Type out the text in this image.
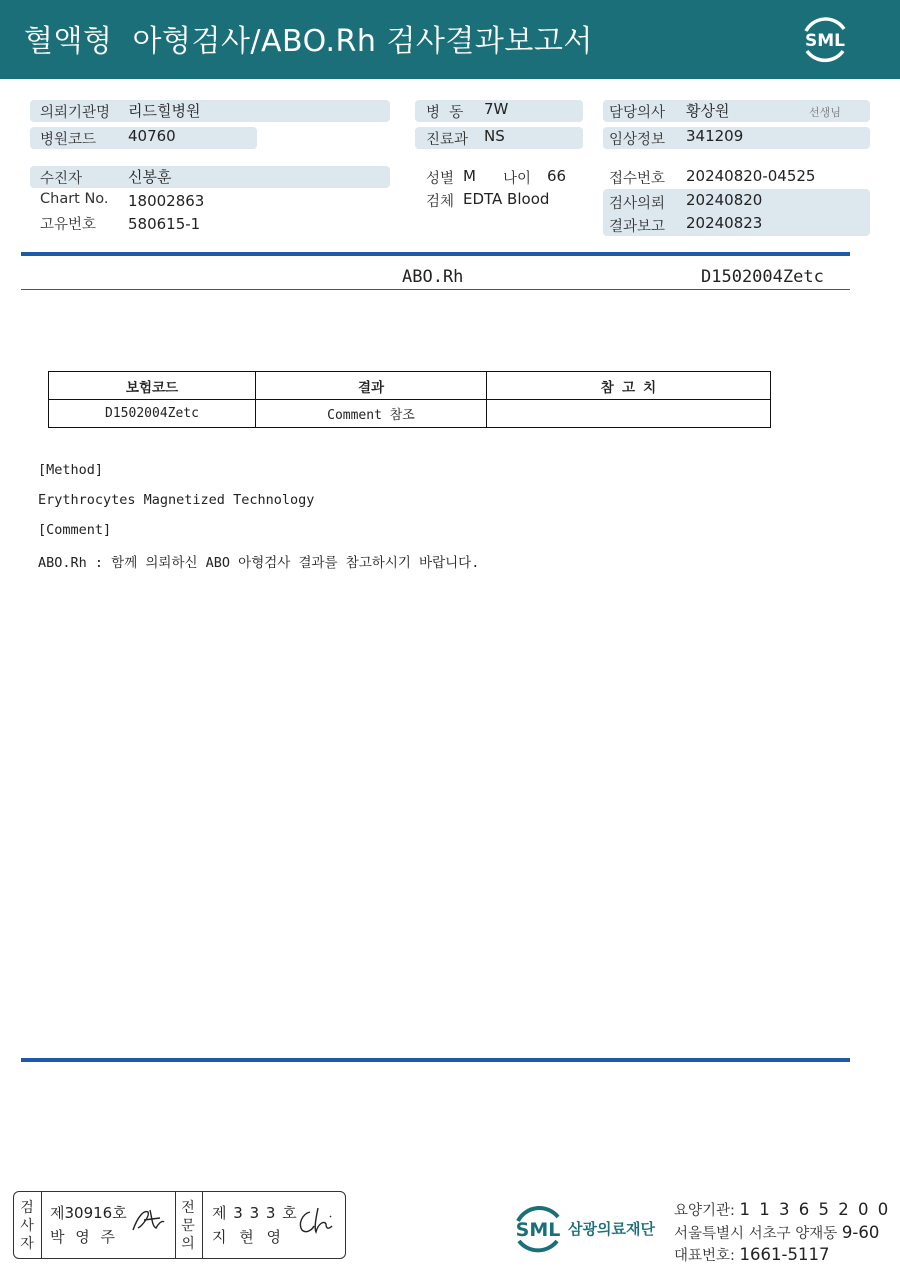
혈액형  아형검사/ABO.Rh 검사결과보고서	SML
의뢰기관명 리드힐병원
병원코드 40760
수진자	신봉훈
Chart No. 18002863
고유번호 580615-1
병  동 7W
진료과 NS
성별 M 나이 66
검체 EDTA Blood
담당의사 황상원	선생님
임상정보 341209
접수번호 20240820-04525
검사의뢰 20240820
결과보고 20240823
ABO.Rh	D1502004Zetc
보험코드	결과	참 고 치
D1502004Zetc	Comment 참조	
[Method]
Erythrocytes Magnetized Technology
[Comment]
ABO.Rh : 함께 의뢰하신 ABO 아형검사 결과를 참고하시기 바랍니다.
검사자
제30916호
박 영 주
전문의
제 3 3 3 호
지 현 영	SML 삼광의료재단
요양기관: 1 1 3 6 5 2 0 0
서울특별시 서초구 양재동 9-60
대표번호: 1661-5117
